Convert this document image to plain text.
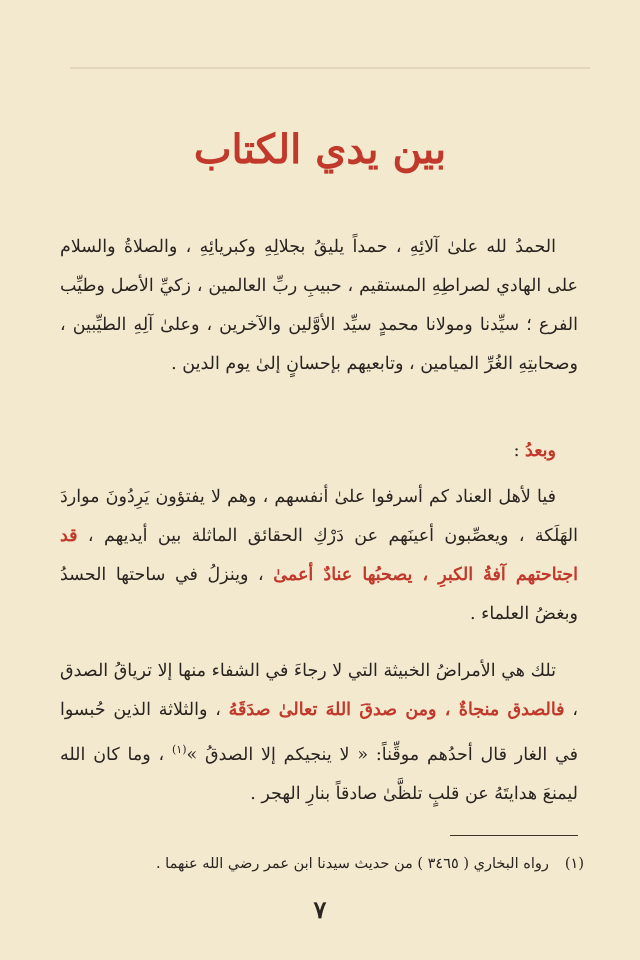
بين يدي الكتاب

الحمدُ لله علىٰ آلائِهِ ، حمداً يليقُ بجلالِهِ وكبريائِهِ ، والصلاةُ والسلام على الهادي لصراطِهِ المستقيم ، حبيبِ ربِّ العالمين ، زكيِّ الأصل وطيِّب الفرع ؛ سيِّدنا ومولانا محمدٍ سيِّد الأوَّلين والآخرين ، وعلىٰ آلِهِ الطيِّبين ، وصحابتِهِ الغُرِّ الميامين ، وتابعيهم بإحسانٍ إلىٰ يوم الدين .

وبعدُ :

فيا لأهل العناد كم أسرفوا علىٰ أنفسهم ، وهم لا يفتؤون يَرِدُونَ مواردَ الهَلَكة ، ويعصِّبون أعينَهم عن دَرْكِ الحقائق الماثلة بين أيديهم ، قد اجتاحتهم آفةُ الكبرِ ، يصحبُها عنادٌ أعمىٰ ، وينزلُ في ساحتها الحسدُ وبغضُ العلماء .

تلك هي الأمراضُ الخبيثة التي لا رجاءَ في الشفاء منها إلا ترياقُ الصدق ، فالصدق منجاةٌ ، ومن صدقَ اللهَ تعالىٰ صدَقَهُ ، والثلاثة الذين حُبسوا في الغار قال أحدُهم موقِّناً: « لا ينجيكم إلا الصدقُ »$^{(١)}$ ، وما كان الله ليمنعَ هدايتَهُ عن قلبٍ تلظَّىٰ صادقاً بنارِ الهجر .

(١)رواه البخاري ( ٣٤٦٥ ) من حديث سيدنا ابن عمر رضي الله عنهما .
٧
